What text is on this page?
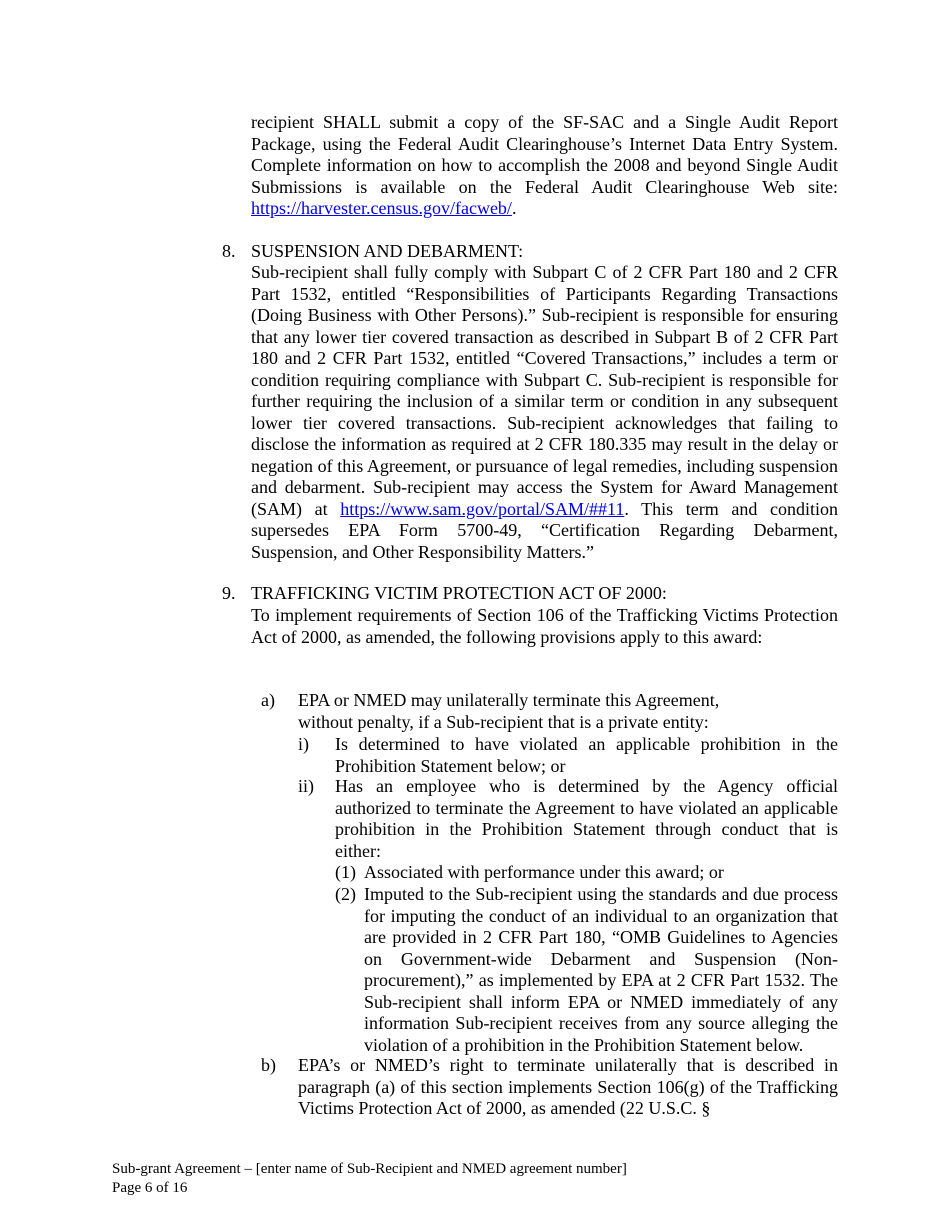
recipient SHALL submit a copy of the SF-SAC and a Single Audit Report Package, using the Federal Audit Clearinghouse’s Internet Data Entry System. Complete information on how to accomplish the 2008 and beyond Single Audit Submissions is available on the Federal Audit Clearinghouse Web site: https://harvester.census.gov/facweb/.
8. SUSPENSION AND DEBARMENT:
Sub-recipient shall fully comply with Subpart C of 2 CFR Part 180 and 2 CFR Part 1532, entitled “Responsibilities of Participants Regarding Transactions (Doing Business with Other Persons).” Sub-recipient is responsible for ensuring that any lower tier covered transaction as described in Subpart B of 2 CFR Part 180 and 2 CFR Part 1532, entitled “Covered Transactions,” includes a term or condition requiring compliance with Subpart C. Sub-recipient is responsible for further requiring the inclusion of a similar term or condition in any subsequent lower tier covered transactions. Sub-recipient acknowledges that failing to disclose the information as required at 2 CFR 180.335 may result in the delay or negation of this Agreement, or pursuance of legal remedies, including suspension and debarment. Sub-recipient may access the System for Award Management (SAM) at https://www.sam.gov/portal/SAM/##11. This term and condition supersedes EPA Form 5700-49, “Certification Regarding Debarment, Suspension, and Other Responsibility Matters.”
9. TRAFFICKING VICTIM PROTECTION ACT OF 2000:
To implement requirements of Section 106 of the Trafficking Victims Protection Act of 2000, as amended, the following provisions apply to this award:
a) EPA or NMED may unilaterally terminate this Agreement,
without penalty, if a Sub-recipient that is a private entity:
i) Is determined to have violated an applicable prohibition in the Prohibition Statement below; or
ii) Has an employee who is determined by the Agency official authorized to terminate the Agreement to have violated an applicable prohibition in the Prohibition Statement through conduct that is either:
(1) Associated with performance under this award; or
(2) Imputed to the Sub-recipient using the standards and due process for imputing the conduct of an individual to an organization that are provided in 2 CFR Part 180, “OMB Guidelines to Agencies on Government-wide Debarment and Suspension (Non-procurement),” as implemented by EPA at 2 CFR Part 1532. The Sub-recipient shall inform EPA or NMED immediately of any information Sub-recipient receives from any source alleging the violation of a prohibition in the Prohibition Statement below.
b) EPA’s or NMED’s right to terminate unilaterally that is described in paragraph (a) of this section implements Section 106(g) of the Trafficking Victims Protection Act of 2000, as amended (22 U.S.C. §
Sub-grant Agreement – [enter name of Sub-Recipient and NMED agreement number]
Page 6 of 16
